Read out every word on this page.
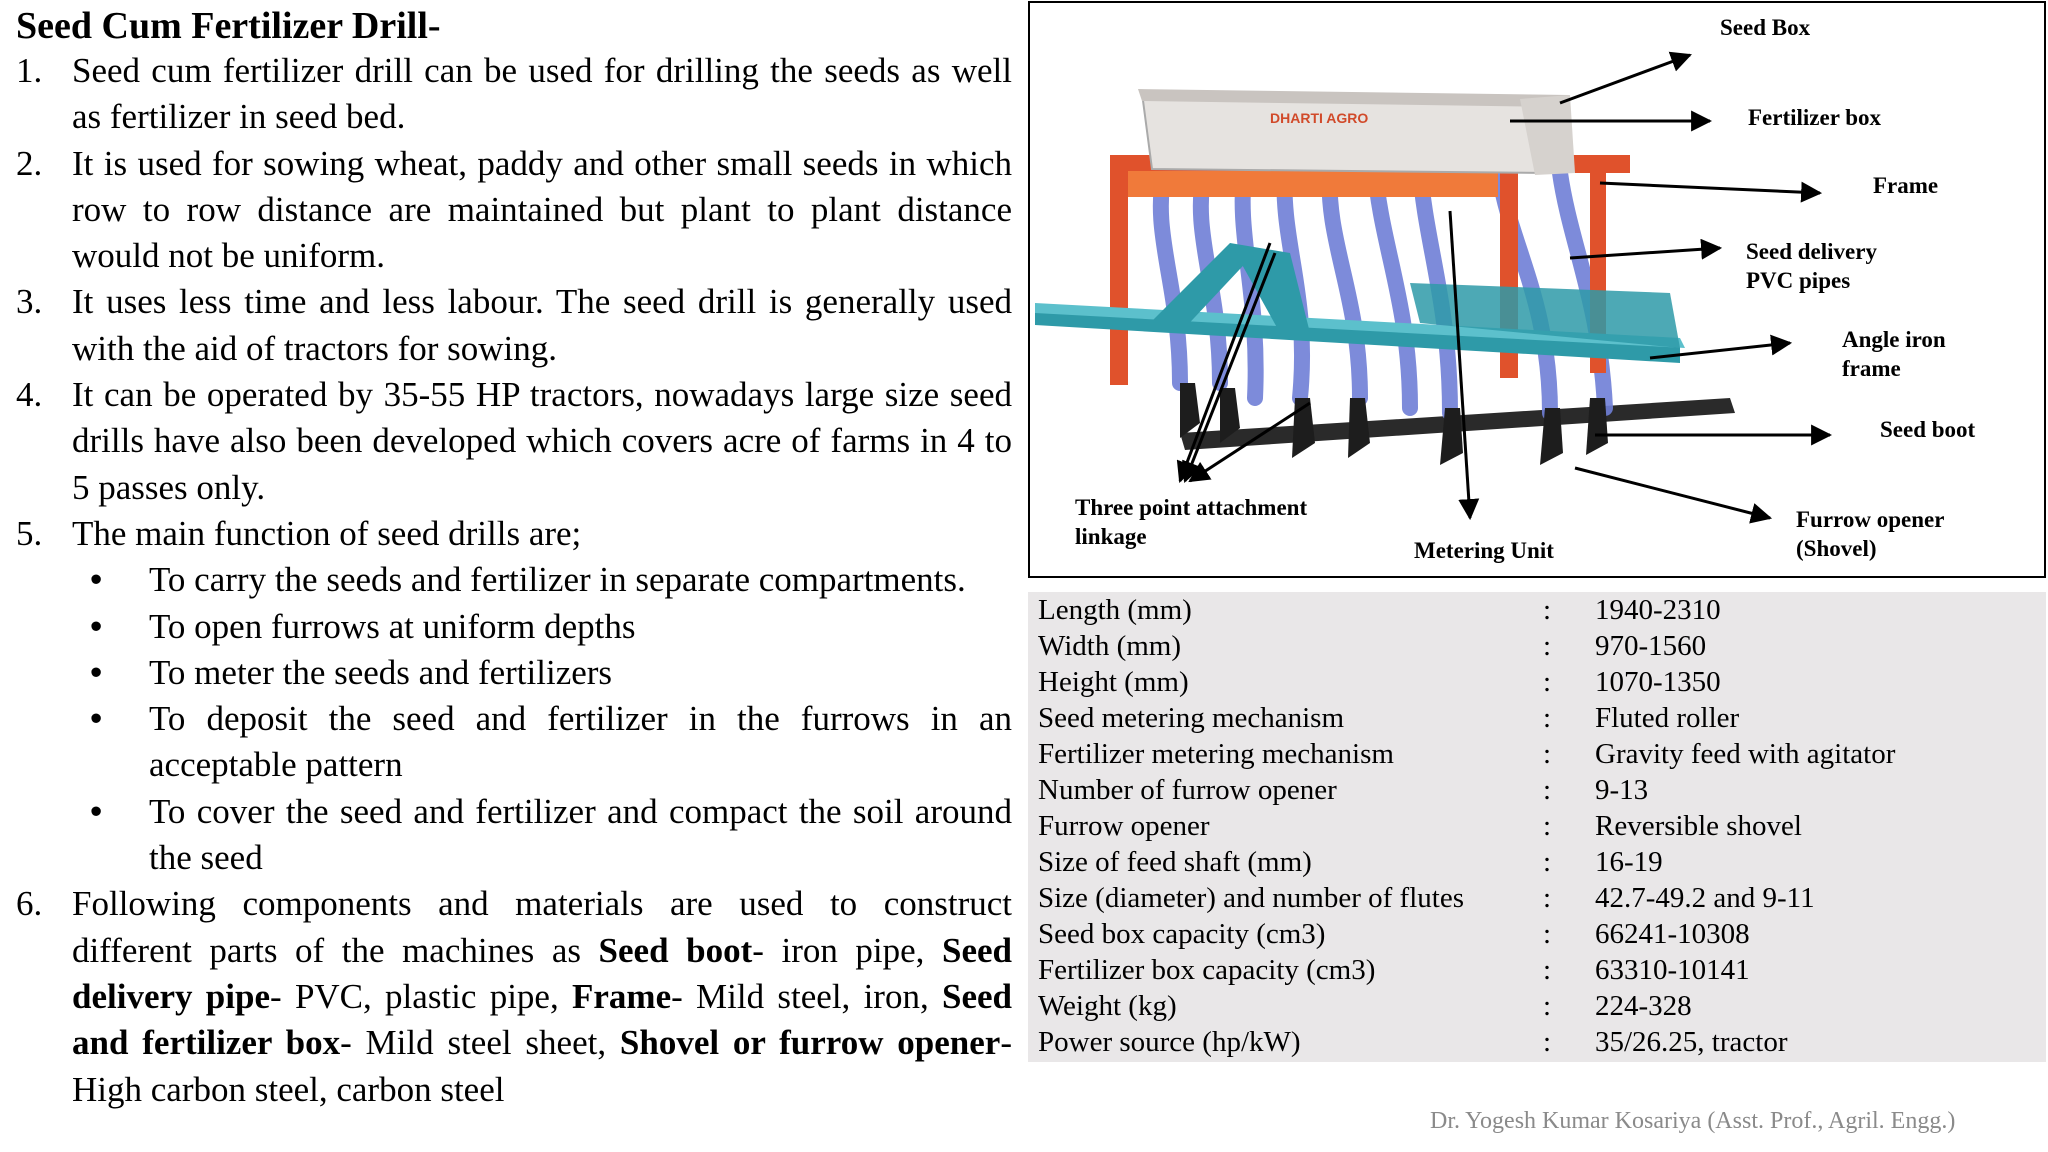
Seed Cum Fertilizer Drill-
1. Seed cum fertilizer drill can be used for drilling the seeds as well as fertilizer in seed bed.
2. It is used for sowing wheat, paddy and other small seeds in which row to row distance are maintained but plant to plant distance would not be uniform.
3. It uses less time and less labour. The seed drill is generally used with the aid of tractors for sowing.
4. It can be operated by 35-55 HP tractors, nowadays large size seed drills have also been developed which covers acre of farms in 4 to 5 passes only.
5. The main function of seed drills are;
• To carry the seeds and fertilizer in separate compartments.
• To open furrows at uniform depths
• To meter the seeds and fertilizers
• To deposit the seed and fertilizer in the furrows in an acceptable pattern
• To cover the seed and fertilizer and compact the soil around the seed
6. Following components and materials are used to construct different parts of the machines as Seed boot- iron pipe, Seed delivery pipe- PVC, plastic pipe, Frame- Mild steel, iron, Seed and fertilizer box- Mild steel sheet, Shovel or furrow opener- High carbon steel, carbon steel
DHARTI AGRO
Seed Box
Fertilizer box
Frame
Seed delivery
PVC pipes
Angle iron
frame
Seed boot
Furrow opener
(Shovel)
Three point attachment
linkage
Metering Unit
Length (mm)	: 1940-2310
Width (mm)	: 970-1560
Height (mm)	: 1070-1350
Seed metering mechanism	: Fluted roller
Fertilizer metering mechanism	: Gravity feed with agitator
Number of furrow opener	: 9-13
Furrow opener	: Reversible shovel
Size of feed shaft (mm)	: 16-19
Size (diameter) and number of flutes	: 42.7-49.2 and 9-11
Seed box capacity (cm3)	: 66241-10308
Fertilizer box capacity (cm3)	: 63310-10141
Weight (kg)	: 224-328
Power source (hp/kW)	: 35/26.25, tractor
Dr. Yogesh Kumar Kosariya (Asst. Prof., Agril. Engg.)
